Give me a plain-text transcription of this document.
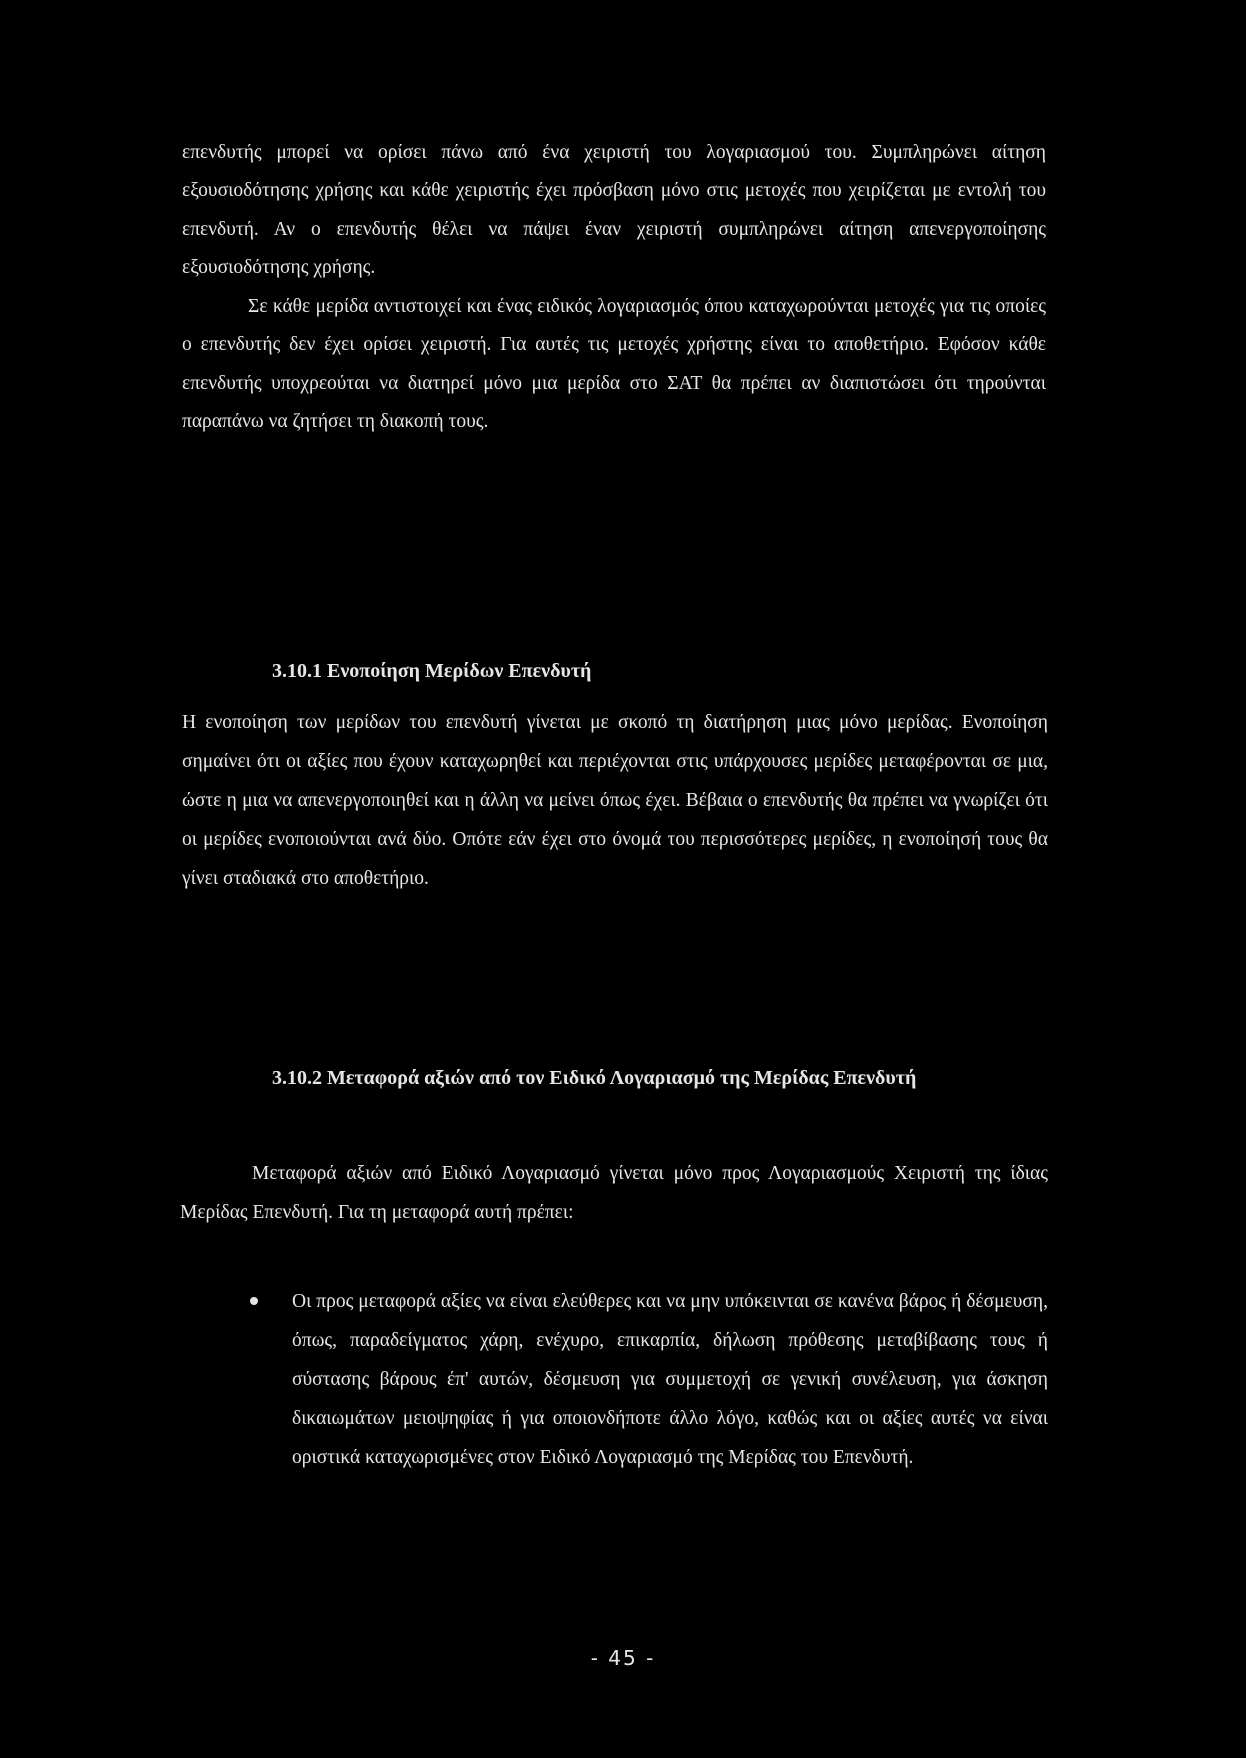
επενδυτής μπορεί να ορίσει πάνω από ένα χειριστή του λογαριασμού του. Συμπληρώνει αίτηση εξουσιοδότησης χρήσης και κάθε χειριστής έχει πρόσβαση μόνο στις μετοχές που χειρίζεται με εντολή του επενδυτή. Αν ο επενδυτής θέλει να πάψει έναν χειριστή συμπληρώνει αίτηση απενεργοποίησης εξουσιοδότησης χρήσης.

Σε κάθε μερίδα αντιστοιχεί και ένας ειδικός λογαριασμός όπου καταχωρούνται μετοχές για τις οποίες ο επενδυτής δεν έχει ορίσει χειριστή. Για αυτές τις μετοχές χρήστης είναι το αποθετήριο. Εφόσον κάθε επενδυτής υποχρεούται να διατηρεί μόνο μια μερίδα στο ΣΑΤ θα πρέπει αν διαπιστώσει ότι τηρούνται παραπάνω να ζητήσει τη διακοπή τους.

3.10.1 Ενοποίηση Μερίδων Επενδυτή

Η ενοποίηση των μερίδων του επενδυτή γίνεται με σκοπό τη διατήρηση μιας μόνο μερίδας. Ενοποίηση σημαίνει ότι οι αξίες που έχουν καταχωρηθεί και περιέχονται στις υπάρχουσες μερίδες μεταφέρονται σε μια, ώστε η μια να απενεργοποιηθεί και η άλλη να μείνει όπως έχει. Βέβαια ο επενδυτής θα πρέπει να γνωρίζει ότι οι μερίδες ενοποιούνται ανά δύο. Οπότε εάν έχει στο όνομά του περισσότερες μερίδες, η ενοποίησή τους θα γίνει σταδιακά στο αποθετήριο.

3.10.2 Μεταφορά αξιών από τον Ειδικό Λογαριασμό της Μερίδας Επενδυτή

Μεταφορά αξιών από Ειδικό Λογαριασμό γίνεται μόνο προς Λογαριασμούς Χειριστή της ίδιας Μερίδας Επενδυτή. Για τη μεταφορά αυτή πρέπει:

Οι προς μεταφορά αξίες να είναι ελεύθερες και να μην υπόκεινται σε κανένα βάρος ή δέσμευση, όπως, παραδείγματος χάρη, ενέχυρο, επικαρπία, δήλωση πρόθεσης μεταβίβασης τους ή σύστασης βάρους έπ' αυτών, δέσμευση για συμμετοχή σε γενική συνέλευση, για άσκηση δικαιωμάτων μειοψηφίας ή για οποιονδήποτε άλλο λόγο, καθώς και οι αξίες αυτές να είναι οριστικά καταχωρισμένες στον Ειδικό Λογαριασμό της Μερίδας του Επενδυτή.
- 45 -
